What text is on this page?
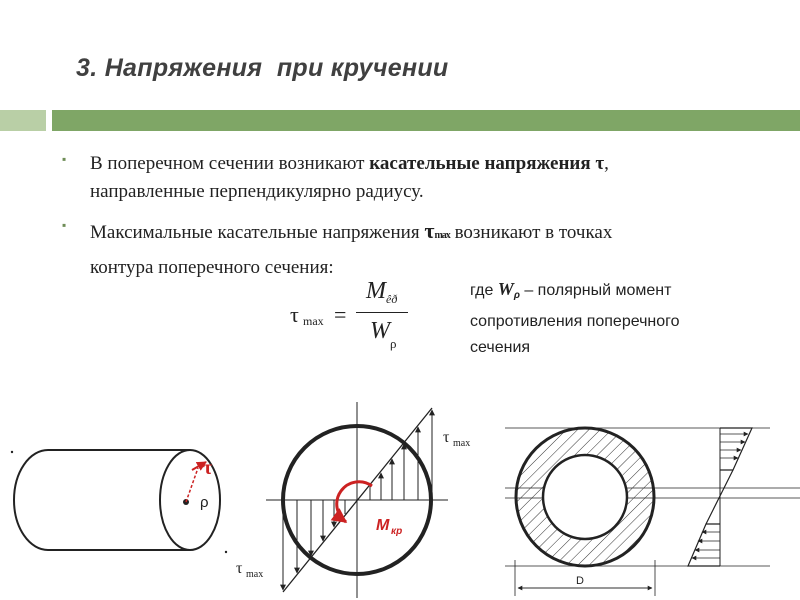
3. Напряжения  при кручении
▪ В поперечном сечении возникают касательные напряжения τ,
направленные перпендикулярно радиусу.
▪ Максимальные касательные напряжения τmax возникают в точках
контура поперечного сечения:
τ max =
M êð
W ρ
где Wρ – полярный момент
сопротивления поперечного
сечения
τ
ρ
M кр
τ max
τ max
D
